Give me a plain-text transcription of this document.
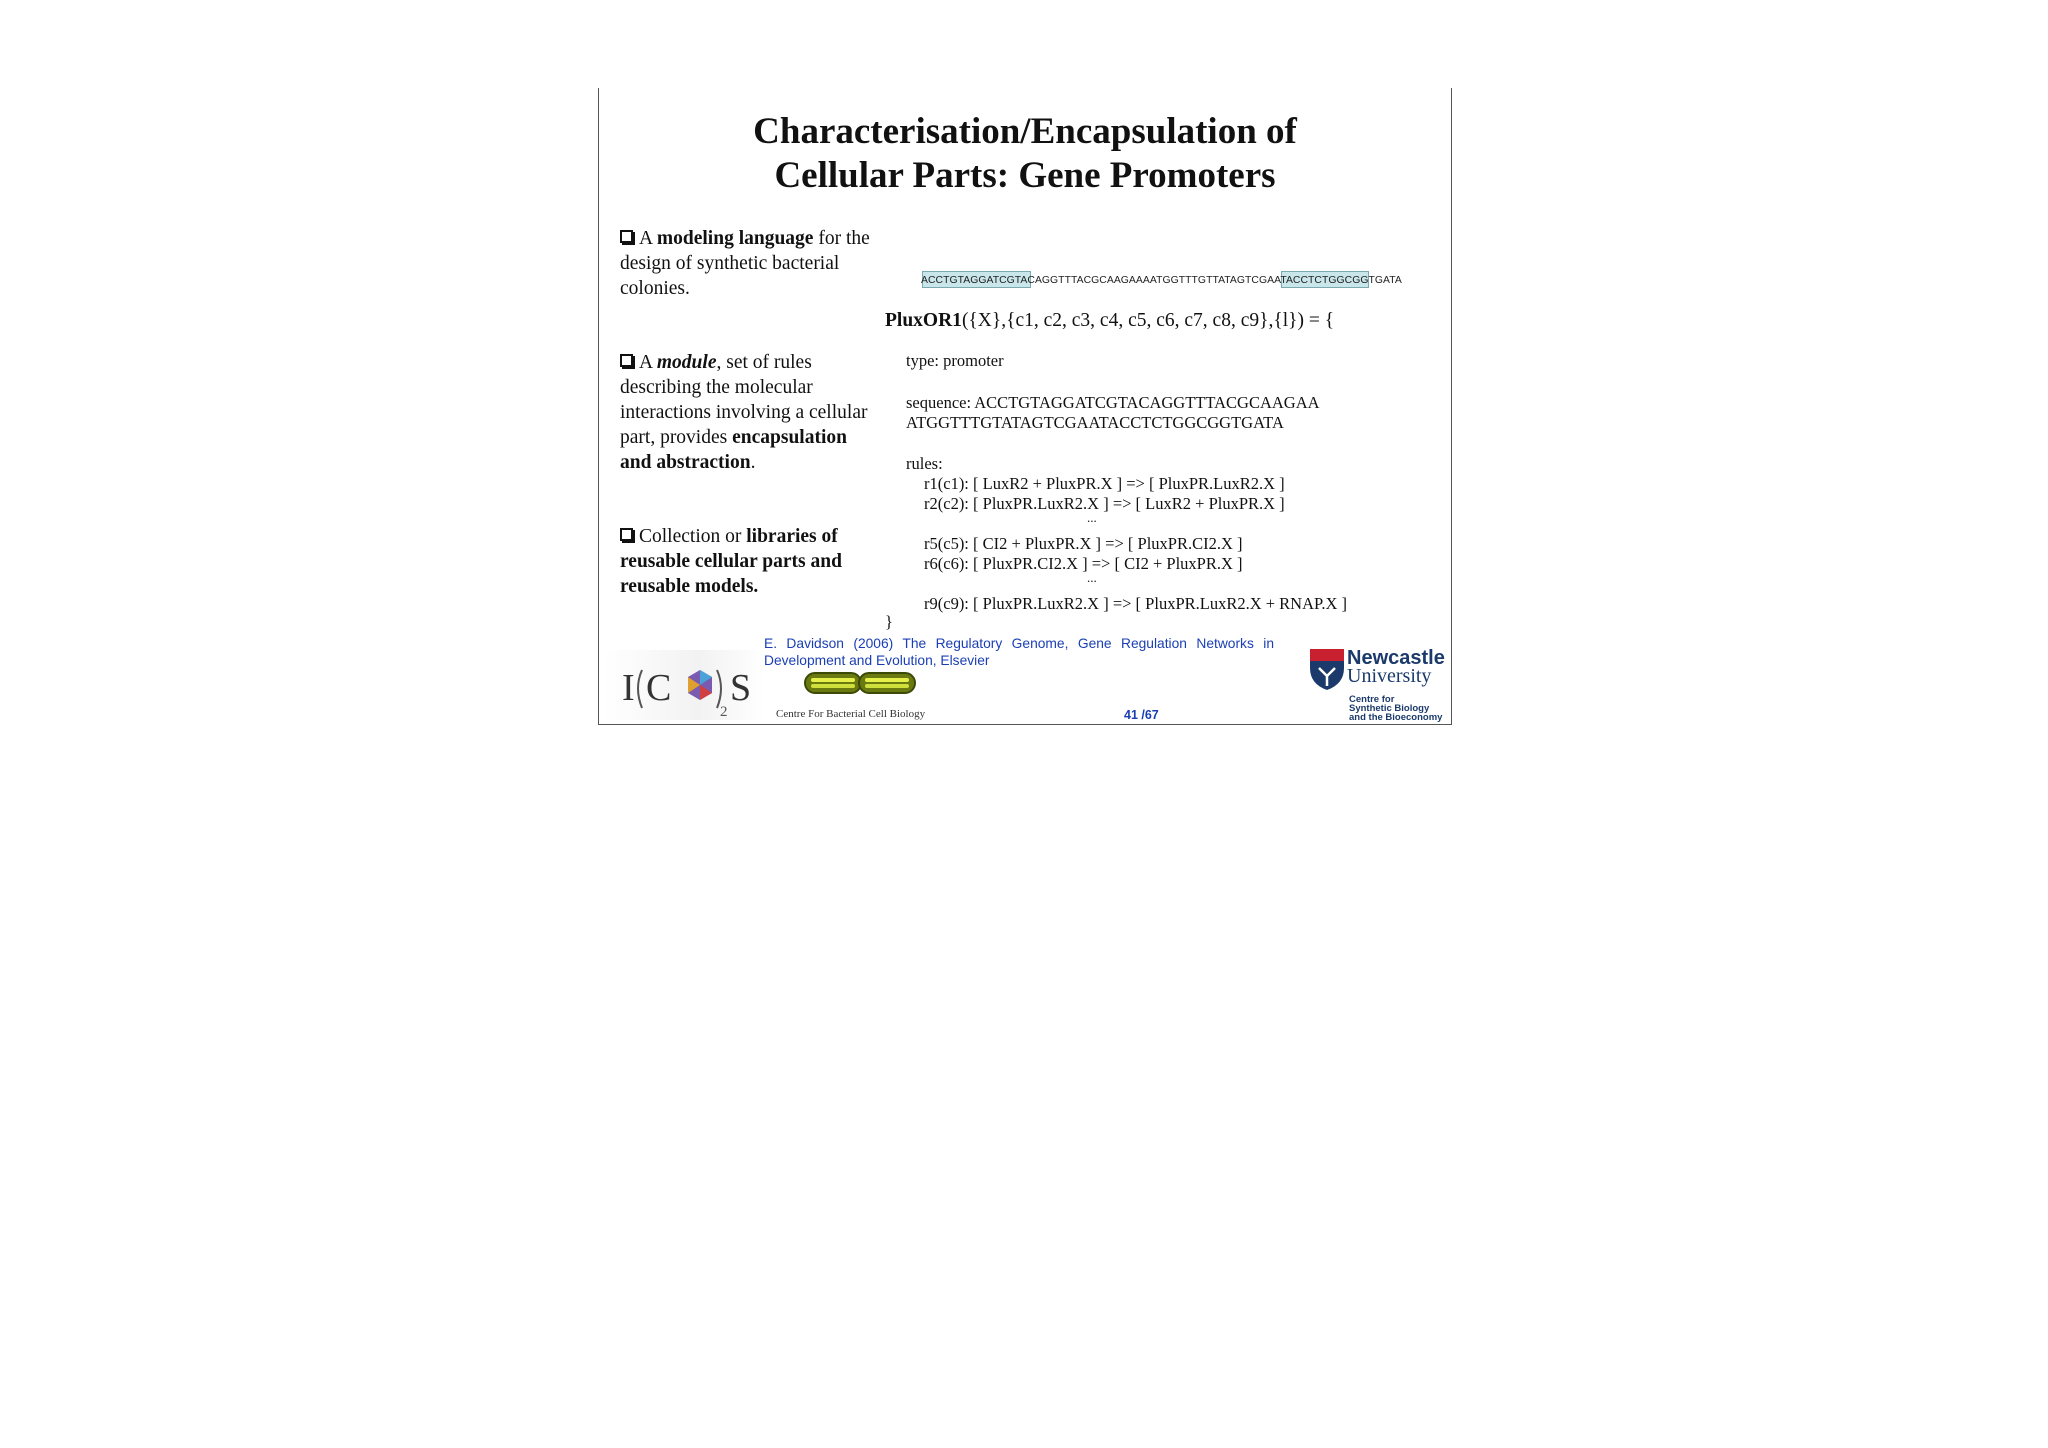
Characterisation/Encapsulation of
Cellular Parts: Gene Promoters

A modeling language for the design of synthetic bacterial colonies.

A module, set of rules describing the molecular interactions involving a cellular part, provides encapsulation and abstraction.

Collection or libraries of reusable cellular parts and reusable models.

ACCTGTAGGATCGTACAGGTTTACGCAAGAAAATGGTTTGTTATAGTCGAATACCTCTGGCGGTGATA
PluxOR1({X},{c1, c2, c3, c4, c5, c6, c7, c8, c9},{l}) = {
type: promoter
sequence: ACCTGTAGGATCGTACAGGTTTACGCAAGAA
ATGGTTTGTATAGTCGAATACCTCTGGCGGTGATA
rules:
r1(c1): [ LuxR2 + PluxPR.X ] => [ PluxPR.LuxR2.X ]
r2(c2): [ PluxPR.LuxR2.X ] => [ LuxR2 + PluxPR.X ]
...
r5(c5): [ CI2 + PluxPR.X ] => [ PluxPR.CI2.X ]
r6(c6): [ PluxPR.CI2.X ] => [ CI2 + PluxPR.X ]
...
r9(c9): [ PluxPR.LuxR2.X ] => [ PluxPR.LuxR2.X + RNAP.X ]
}
E. Davidson (2006) The Regulatory Genome, Gene Regulation Networks in Development and Evolution, Elsevier
I C
2
S
Centre For Bacterial Cell Biology	41 /67
Newcastle
University
Centre for
Synthetic Biology
and the Bioeconomy
